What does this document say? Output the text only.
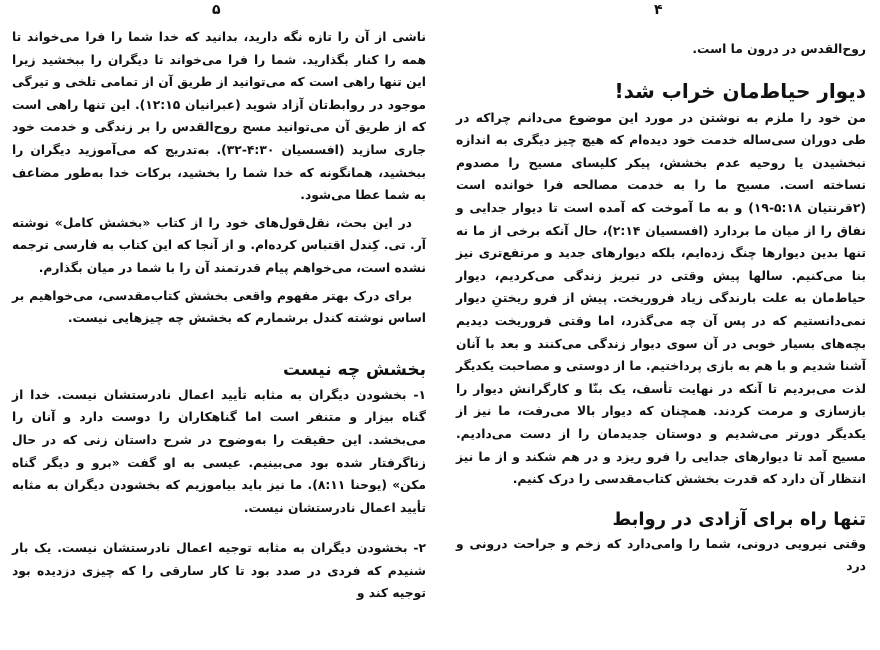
۵

ناشی از آن را تازه نگه دارید، بدانید که خدا شما را فرا می‌خواند تا همه را کنار بگذارید. شما را فرا می‌خواند تا دیگران را ببخشید زیرا این تنها راهی است که می‌توانید از طریق آن از تمامی تلخی و تیرگی موجود در روابط‌تان آزاد شوید (عبرانیان ۱۲:۱۵). این تنها راهی است که از طریق آن می‌توانید مسح روح‌القدس را بر زندگی و خدمت خود جاری سازید (افسسیان ۴:۳۰-۳۲). به‌تدریج که می‌آموزید دیگران را ببخشید، همانگونه که خدا شما را بخشید، برکات خدا به‌طور مضاعف به شما عطا می‌شود.

در این بحث، نقل‌قول‌های خود را از کتاب «بخشش کامل» نوشته آر. تی. کِندل اقتباس کرده‌ام. و از آنجا که این کتاب به فارسی ترجمه نشده است، می‌خواهم پیام قدرتمند آن را با شما در میان بگذارم.

برای درک بهتر مفهوم واقعی بخشش کتاب‌مقدسی، می‌خواهیم بر اساس نوشته کندل برشمارم که بخشش چه چیزهایی نیست.

بخشش چه نیست

۱- بخشودن دیگران به مثابه تأیید اعمال نادرستشان نیست. خدا از گناه بیزار و متنفر است اما گناهکاران را دوست دارد و آنان را می‌بخشد. این حقیقت را به‌وضوح در شرح داستان زنی که در حال زناگرفتار شده بود می‌بینیم. عیسی به او گفت «برو و دیگر گناه مکن» (یوحنا ۸:۱۱). ما نیز باید بیاموزیم که بخشودن دیگران به مثابه تأیید اعمال نادرستشان نیست.

۲- بخشودن دیگران به مثابه توجیه اعمال نادرستشان نیست. یک بار شنیدم که فردی در صدد بود تا کار سارقی را که چیزی دزدیده بود توجیه کند و

۴

روح‌القدس در درون ما است.

دیوار حیاط‌مان خراب شد!

من خود را ملزم به نوشتن در مورد این موضوع می‌دانم چراکه در طی دوران سی‌ساله خدمت خود دیده‌ام که هیچ چیز دیگری به اندازه نبخشیدن یا روحیه عدم بخشش، پیکر کلیسای مسیح را مصدوم نساخته است. مسیح ما را به خدمت مصالحه فرا خوانده است (۲قرنتیان ۵:۱۸-۱۹) و به ما آموخت که آمده است تا دیوار جدایی و نفاق را از میان ما بردارد (افسسیان ۲:۱۴)، حال آنکه برخی از ما نه تنها بدین دیوارها چنگ زده‌ایم، بلکه دیوارهای جدید و مرتفع‌تری نیز بنا می‌کنیم. سالها پیش وقتی در تبریز زندگی می‌کردیم، دیوار حیاط‌مان به علت بارندگی زیاد فروریخت. پیش از فرو ریختنِ دیوار نمی‌دانستیم که در پس آن چه می‌گذرد، اما وقتی فروریخت دیدیم بچه‌های بسیار خوبی در آن سوی دیوار زندگی می‌کنند و بعد با آنان آشنا شدیم و با هم به بازی پرداختیم. ما از دوستی و مصاحبت یکدیگر لذت می‌بردیم تا آنکه در نهایت تأسف، یک بنّا و کارگرانش دیوار را بازسازی و مرمت کردند. همچنان که دیوار بالا می‌رفت، ما نیز از یکدیگر دورتر می‌شدیم و دوستان جدیدمان را از دست می‌دادیم. مسیح آمد تا دیوارهای جدایی را فرو ریزد و در هم شکند و از ما نیز انتظار آن دارد که قدرت بخشش کتاب‌مقدسی را درک کنیم.

تنها راه برای آزادی در روابط

وقتی نیرویی درونی، شما را وامی‌دارد که زخم و جراحت درونی و درد
